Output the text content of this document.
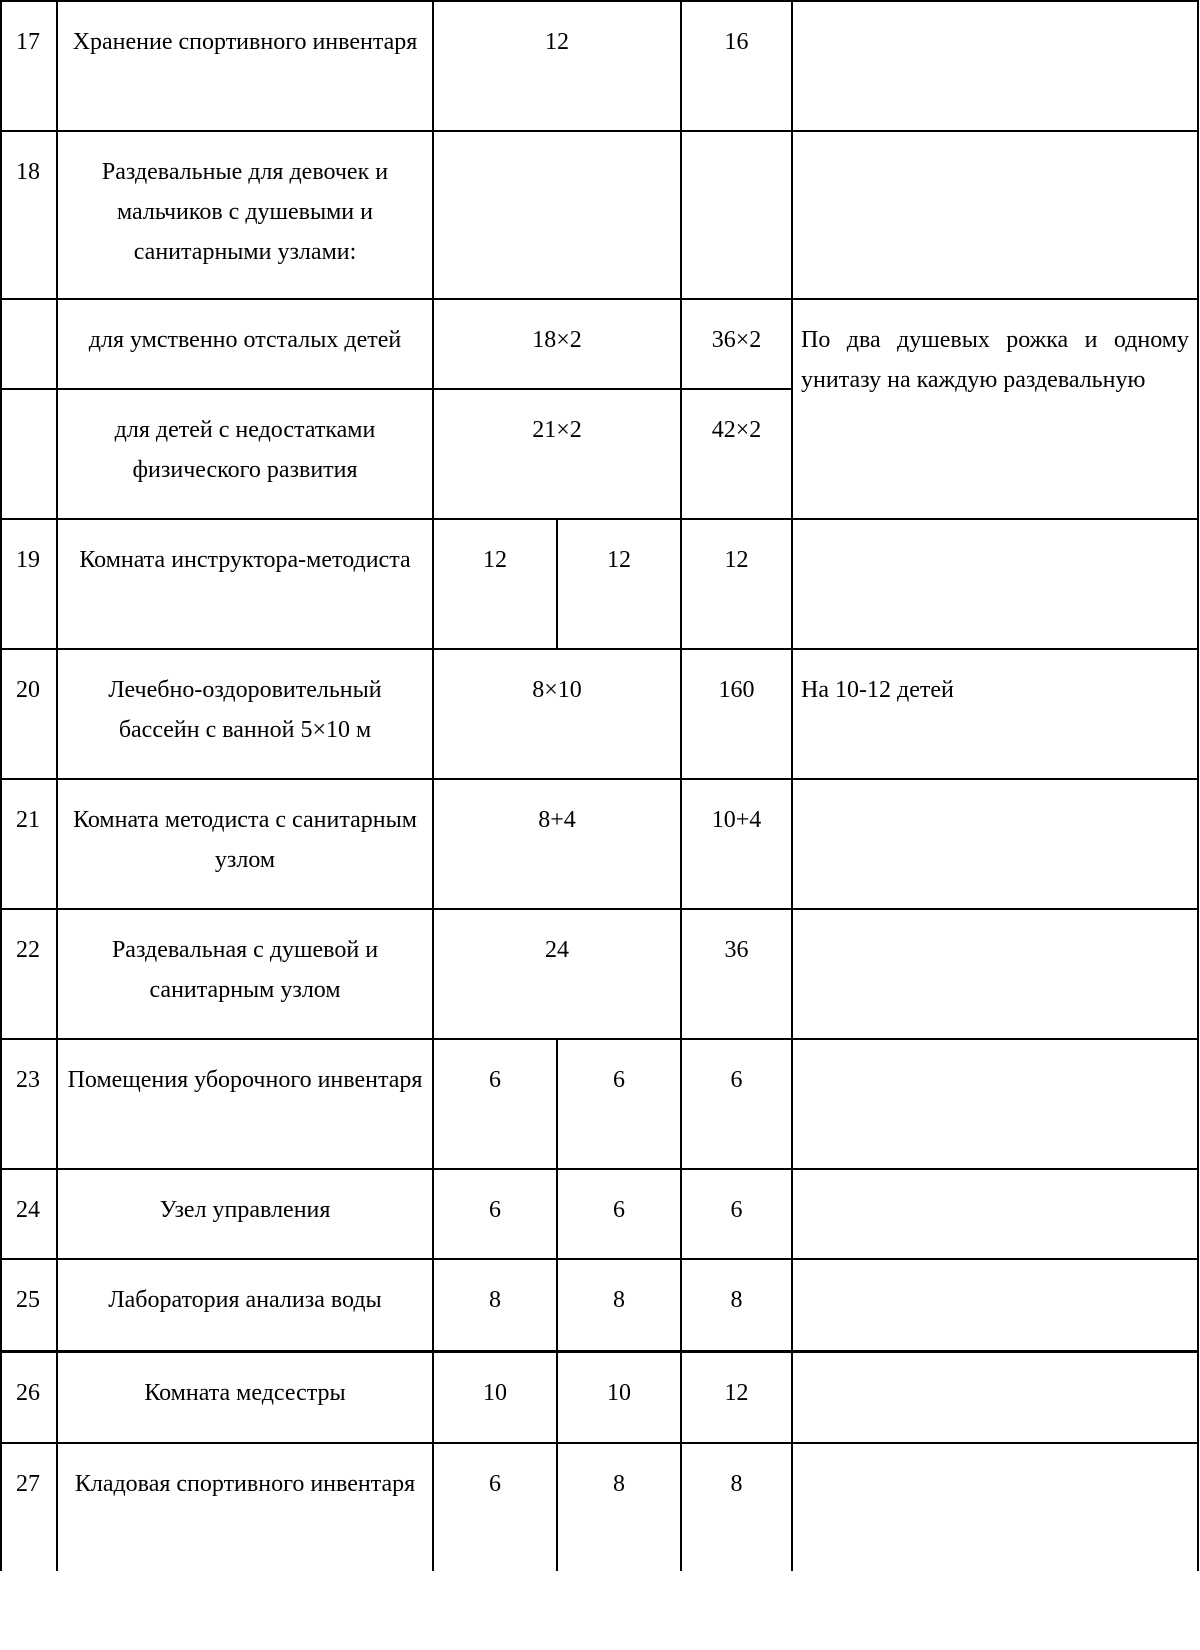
17	Хранение спортивного инвентаря	12		16	
18	Раздевальные для девочек и мальчиков с душевыми и санитарными узлами:				
	для умственно отсталых детей	18×2		36×2	По два душевых рожка и одному унитазу на каждую раздевальную
	для детей с недостатками физического развития	21×2		42×2	
19	Комната инструктора-методиста	12	12	12	
20	Лечебно-оздоровительный бассейн с ванной 5×10 м	8×10		160	На 10-12 детей
21	Комната методиста с санитарным узлом	8+4		10+4	
22	Раздевальная с душевой и санитарным узлом	24		36	
23	Помещения уборочного инвентаря	6	6	6	
24	Узел управления	6	6	6	
25	Лаборатория анализа воды	8	8	8	
26	Комната медсестры	10	10	12	
27	Кладовая спортивного инвентаря	6	8	8	
